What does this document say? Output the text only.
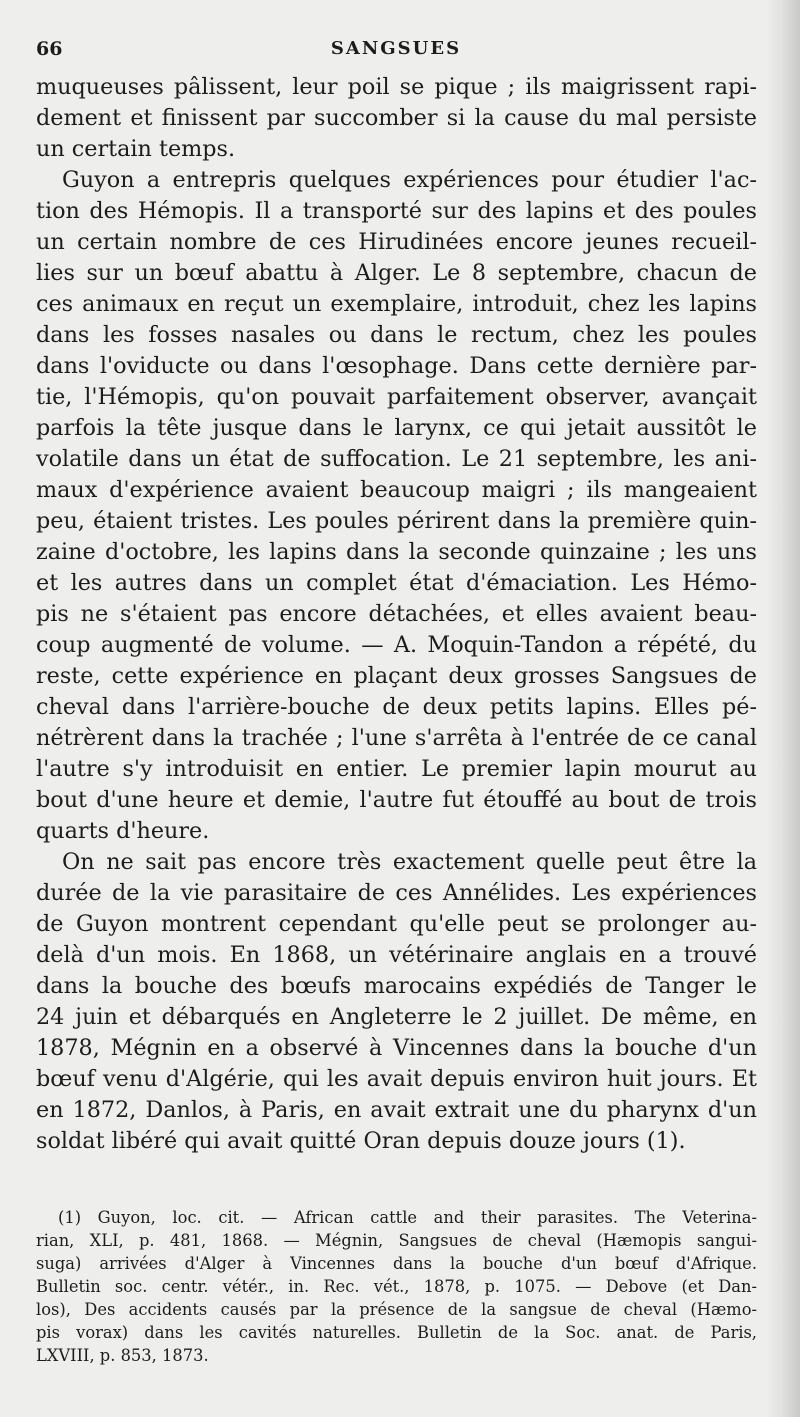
SANGSUES
66
muqueuses pâlissent, leur poil se pique ; ils maigrissent rapi-
dement et finissent par succomber si la cause du mal persiste
un certain temps.
Guyon a entrepris quelques expériences pour étudier l'ac-
tion des Hémopis. Il a transporté sur des lapins et des poules
un certain nombre de ces Hirudinées encore jeunes recueil-
lies sur un bœuf abattu à Alger. Le 8 septembre, chacun de
ces animaux en reçut un exemplaire, introduit, chez les lapins
dans les fosses nasales ou dans le rectum, chez les poules
dans l'oviducte ou dans l'œsophage. Dans cette dernière par-
tie, l'Hémopis, qu'on pouvait parfaitement observer, avançait
parfois la tête jusque dans le larynx, ce qui jetait aussitôt le
volatile dans un état de suffocation. Le 21 septembre, les ani-
maux d'expérience avaient beaucoup maigri ; ils mangeaient
peu, étaient tristes. Les poules périrent dans la première quin-
zaine d'octobre, les lapins dans la seconde quinzaine ; les uns
et les autres dans un complet état d'émaciation. Les Hémo-
pis ne s'étaient pas encore détachées, et elles avaient beau-
coup augmenté de volume. — A. Moquin-Tandon a répété, du
reste, cette expérience en plaçant deux grosses Sangsues de
cheval dans l'arrière-bouche de deux petits lapins. Elles pé-
nétrèrent dans la trachée ; l'une s'arrêta à l'entrée de ce canal
l'autre s'y introduisit en entier. Le premier lapin mourut au
bout d'une heure et demie, l'autre fut étouffé au bout de trois
quarts d'heure.
On ne sait pas encore très exactement quelle peut être la
durée de la vie parasitaire de ces Annélides. Les expériences
de Guyon montrent cependant qu'elle peut se prolonger au-
delà d'un mois. En 1868, un vétérinaire anglais en a trouvé
dans la bouche des bœufs marocains expédiés de Tanger le
24 juin et débarqués en Angleterre le 2 juillet. De même, en
1878, Mégnin en a observé à Vincennes dans la bouche d'un
bœuf venu d'Algérie, qui les avait depuis environ huit jours. Et
en 1872, Danlos, à Paris, en avait extrait une du pharynx d'un
soldat libéré qui avait quitté Oran depuis douze jours (1).
(1) Guyon, loc. cit. — African cattle and their parasites. The Veterina-
rian, XLI, p. 481, 1868. — Mégnin, Sangsues de cheval (Hæmopis sangui-
suga) arrivées d'Alger à Vincennes dans la bouche d'un bœuf d'Afrique.
Bulletin soc. centr. vétér., in. Rec. vét., 1878, p. 1075. — Debove (et Dan-
los), Des accidents causés par la présence de la sangsue de cheval (Hæmo-
pis vorax) dans les cavités naturelles. Bulletin de la Soc. anat. de Paris,
LXVIII, p. 853, 1873.
